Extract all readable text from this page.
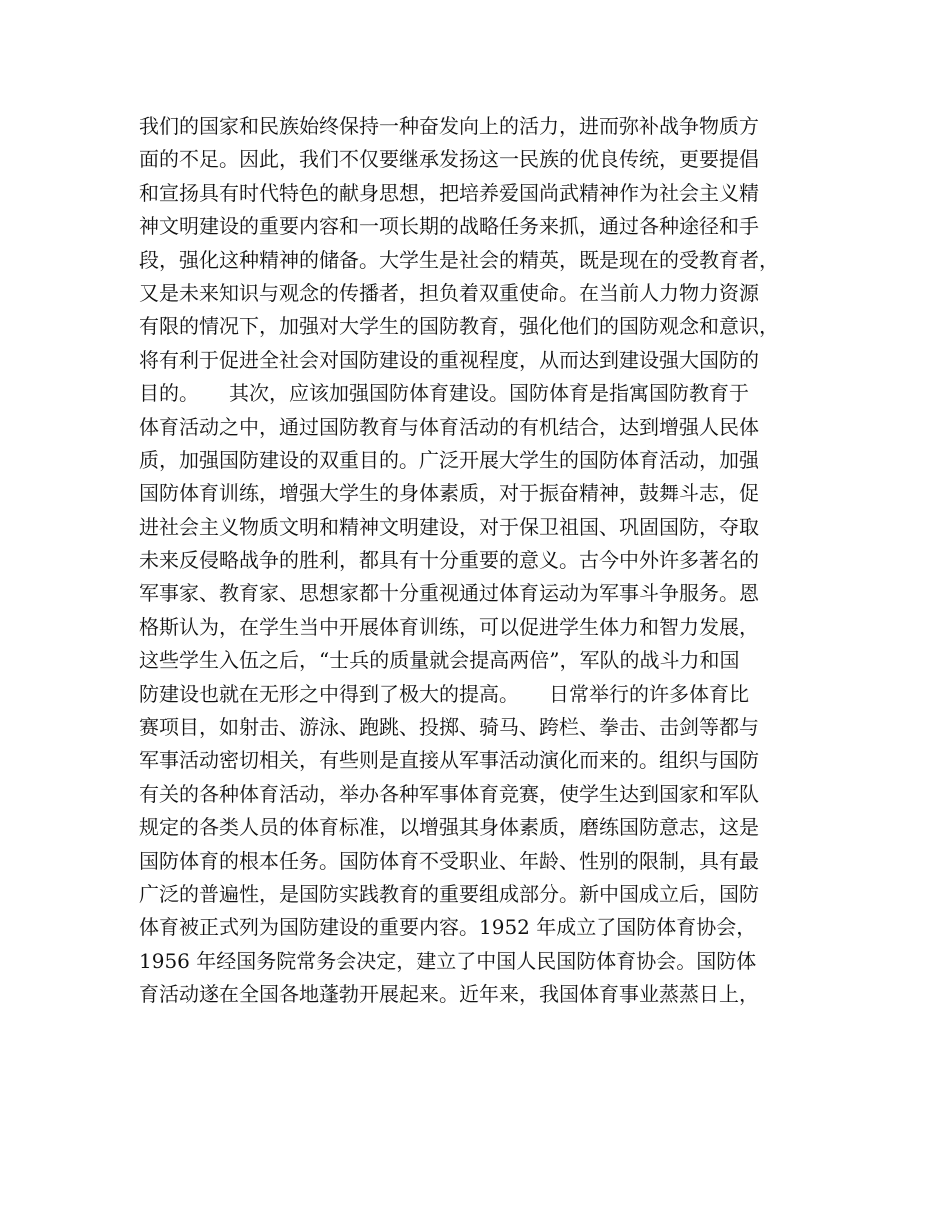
我们的国家和民族始终保持一种奋发向上的活力，进而弥补战争物质方
面的不足。因此，我们不仅要继承发扬这一民族的优良传统，更要提倡
和宣扬具有时代特色的献身思想，把培养爱国尚武精神作为社会主义精
神文明建设的重要内容和一项长期的战略任务来抓，通过各种途径和手
段，强化这种精神的储备。大学生是社会的精英，既是现在的受教育者，
又是未来知识与观念的传播者，担负着双重使命。在当前人力物力资源
有限的情况下，加强对大学生的国防教育，强化他们的国防观念和意识，
将有利于促进全社会对国防建设的重视程度，从而达到建设强大国防的
目的。　　其次，应该加强国防体育建设。国防体育是指寓国防教育于
体育活动之中，通过国防教育与体育活动的有机结合，达到增强人民体
质，加强国防建设的双重目的。广泛开展大学生的国防体育活动，加强
国防体育训练，增强大学生的身体素质，对于振奋精神，鼓舞斗志，促
进社会主义物质文明和精神文明建设，对于保卫祖国、巩固国防，夺取
未来反侵略战争的胜利，都具有十分重要的意义。古今中外许多著名的
军事家、教育家、思想家都十分重视通过体育运动为军事斗争服务。恩
格斯认为，在学生当中开展体育训练，可以促进学生体力和智力发展，
这些学生入伍之后，“士兵的质量就会提高两倍”，军队的战斗力和国
防建设也就在无形之中得到了极大的提高。　　日常举行的许多体育比
赛项目，如射击、游泳、跑跳、投掷、骑马、跨栏、拳击、击剑等都与
军事活动密切相关，有些则是直接从军事活动演化而来的。组织与国防
有关的各种体育活动，举办各种军事体育竞赛，使学生达到国家和军队
规定的各类人员的体育标准，以增强其身体素质，磨练国防意志，这是
国防体育的根本任务。国防体育不受职业、年龄、性别的限制，具有最
广泛的普遍性，是国防实践教育的重要组成部分。新中国成立后，国防
体育被正式列为国防建设的重要内容。1952 年成立了国防体育协会，
1956 年经国务院常务会决定，建立了中国人民国防体育协会。国防体
育活动遂在全国各地蓬勃开展起来。近年来，我国体育事业蒸蒸日上，
